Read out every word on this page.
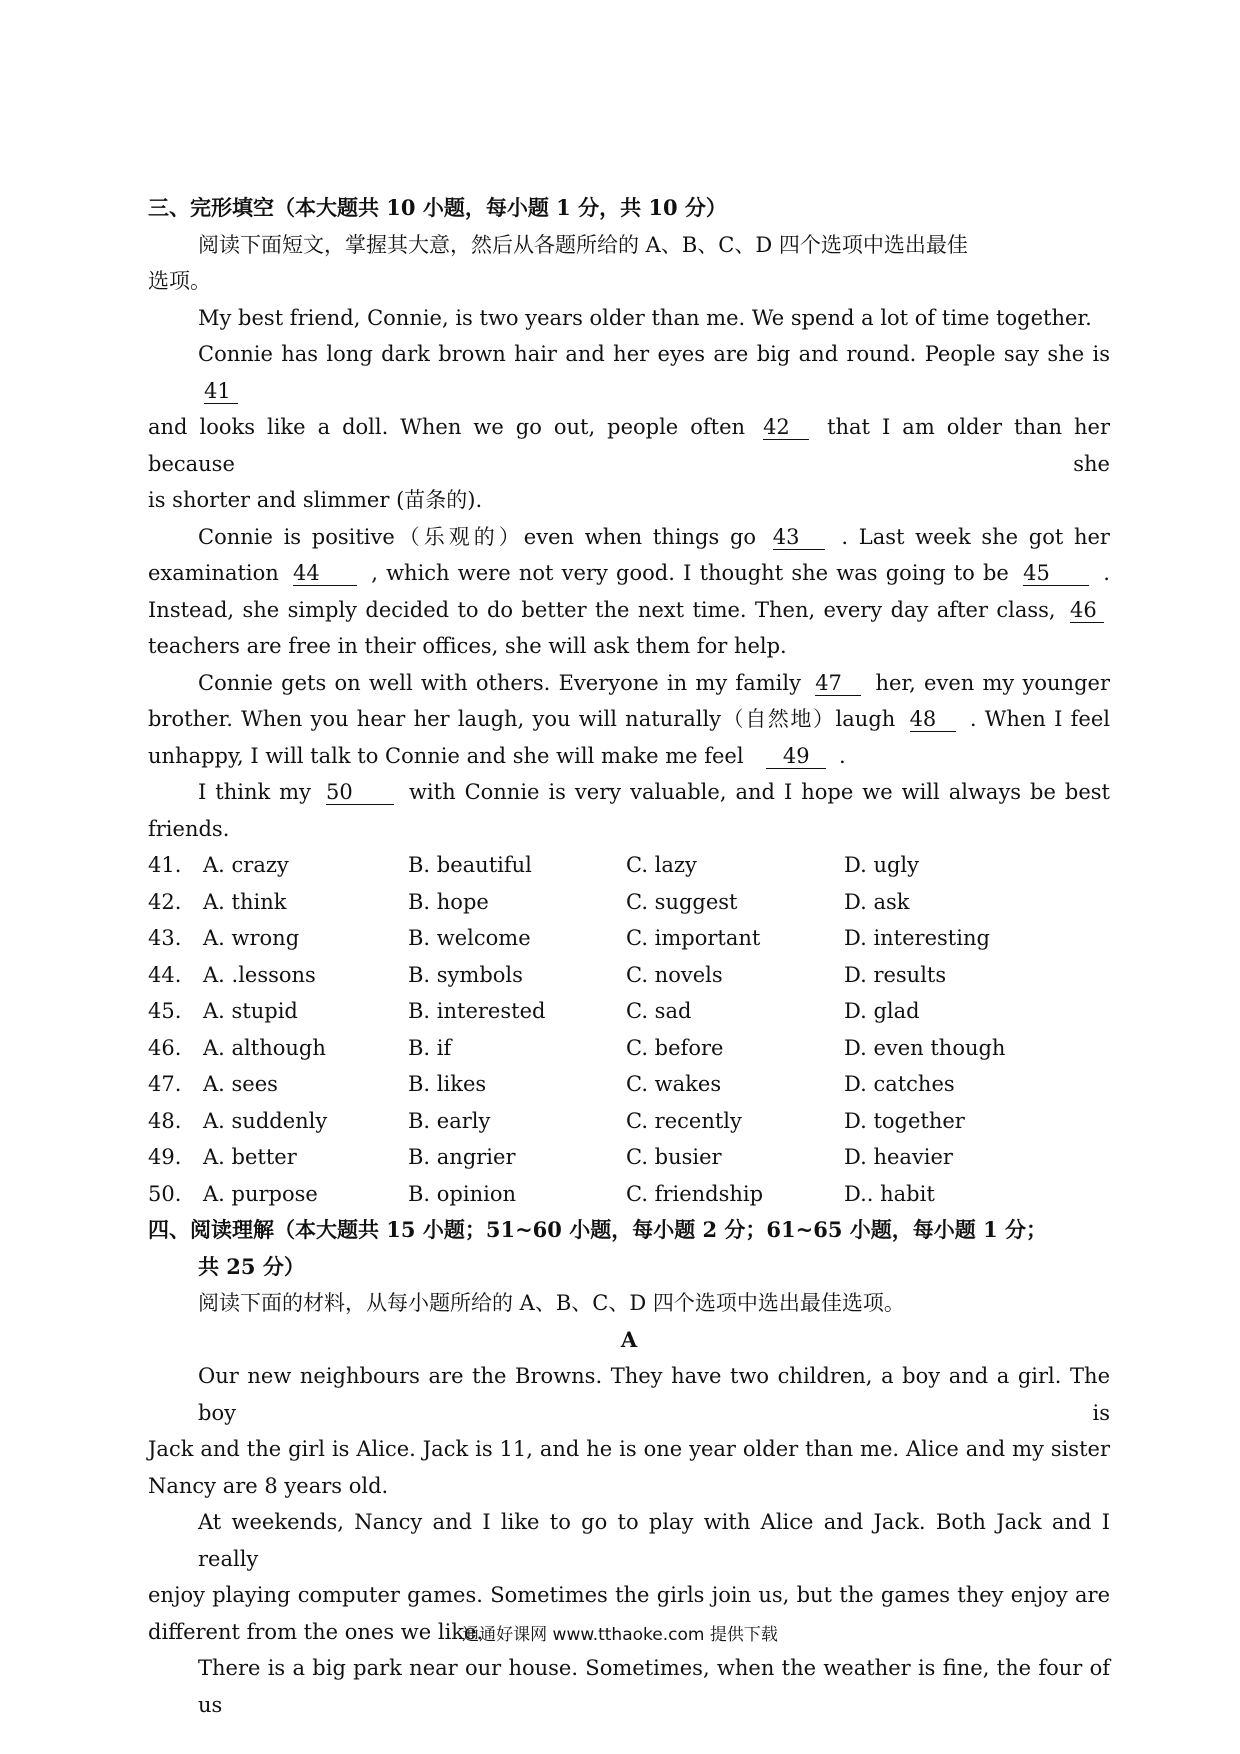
三、完形填空（本大题共 10 小题，每小题 1 分，共 10 分）
阅读下面短文，掌握其大意，然后从各题所给的 A、B、C、D 四个选项中选出最佳
选项。
My best friend, Connie, is two years older than me. We spend a lot of time together.
Connie has long dark brown hair and her eyes are big and round. People say she is 41
and looks like a doll. When we go out, people often 42 that I am older than her because she
is shorter and slimmer (苗条的).
Connie is positive（乐观的）even when things go 43 . Last week she got her
examination 44 , which were not very good. I thought she was going to be 45	.
Instead, she simply decided to do better the next time. Then, every day after class, 46
teachers are free in their offices, she will ask them for help.
Connie gets on well with others. Everyone in my family 47 her, even my younger
brother. When you hear her laugh, you will naturally（自然地）laugh 48 . When I feel
unhappy, I will talk to Connie and she will make me feel 49 .
I think my 50	with Connie is very valuable, and I hope we will always be best
friends.
41. A. crazy	B. beautiful	C. lazy	D. ugly
42. A. think	B. hope	C. suggest	D. ask
43. A. wrong	B. welcome	C. important	D. interesting
44. A. .lessons	B. symbols	C. novels	D. results
45. A. stupid	B. interested	C. sad	D. glad
46. A. although	B. if	C. before	D. even though
47. A. sees	B. likes	C. wakes	D. catches
48. A. suddenly	B. early	C. recently	D. together
49. A. better	B. angrier	C. busier	D. heavier
50. A. purpose	B. opinion	C. friendship	D.. habit
四、阅读理解（本大题共 15 小题；51~60 小题，每小题 2 分；61~65 小题，每小题 1 分；
共 25 分）
阅读下面的材料，从每小题所给的 A、B、C、D 四个选项中选出最佳选项。
A
Our new neighbours are the Browns. They have two children, a boy and a girl. The boy is
Jack and the girl is Alice. Jack is 11, and he is one year older than me. Alice and my sister
Nancy are 8 years old.
At weekends, Nancy and I like to go to play with Alice and Jack. Both Jack and I really
enjoy playing computer games. Sometimes the girls join us, but the games they enjoy are
different from the ones we like.
There is a big park near our house. Sometimes, when the weather is fine, the four of us
通通好课网 www.tthaoke.com 提供下载
